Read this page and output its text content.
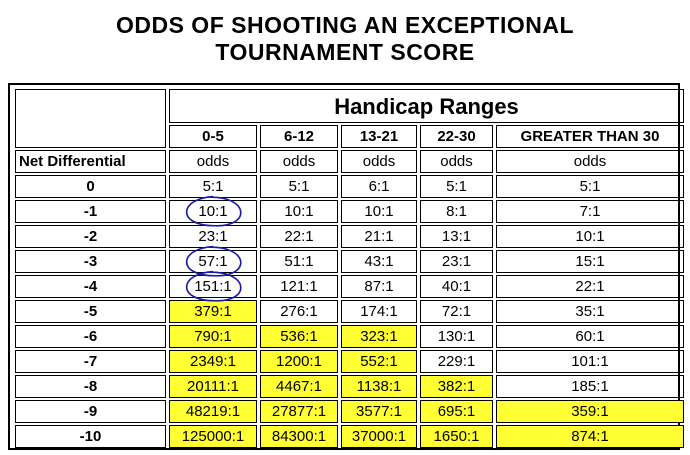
ODDS OF SHOOTING AN EXCEPTIONAL
TOURNAMENT SCORE
	Handicap Ranges				
	0-5	6-12	13-21	22-30	GREATER THAN 30
Net Differential	odds	odds	odds	odds	odds
0	5:1	5:1	6:1	5:1	5:1
-1	10:1	10:1	10:1	8:1	7:1
-2	23:1	22:1	21:1	13:1	10:1
-3	57:1	51:1	43:1	23:1	15:1
-4	151:1	121:1	87:1	40:1	22:1
-5	379:1	276:1	174:1	72:1	35:1
-6	790:1	536:1	323:1	130:1	60:1
-7	2349:1	1200:1	552:1	229:1	101:1
-8	20111:1	4467:1	1138:1	382:1	185:1
-9	48219:1	27877:1	3577:1	695:1	359:1
-10	125000:1	84300:1	37000:1	1650:1	874:1
